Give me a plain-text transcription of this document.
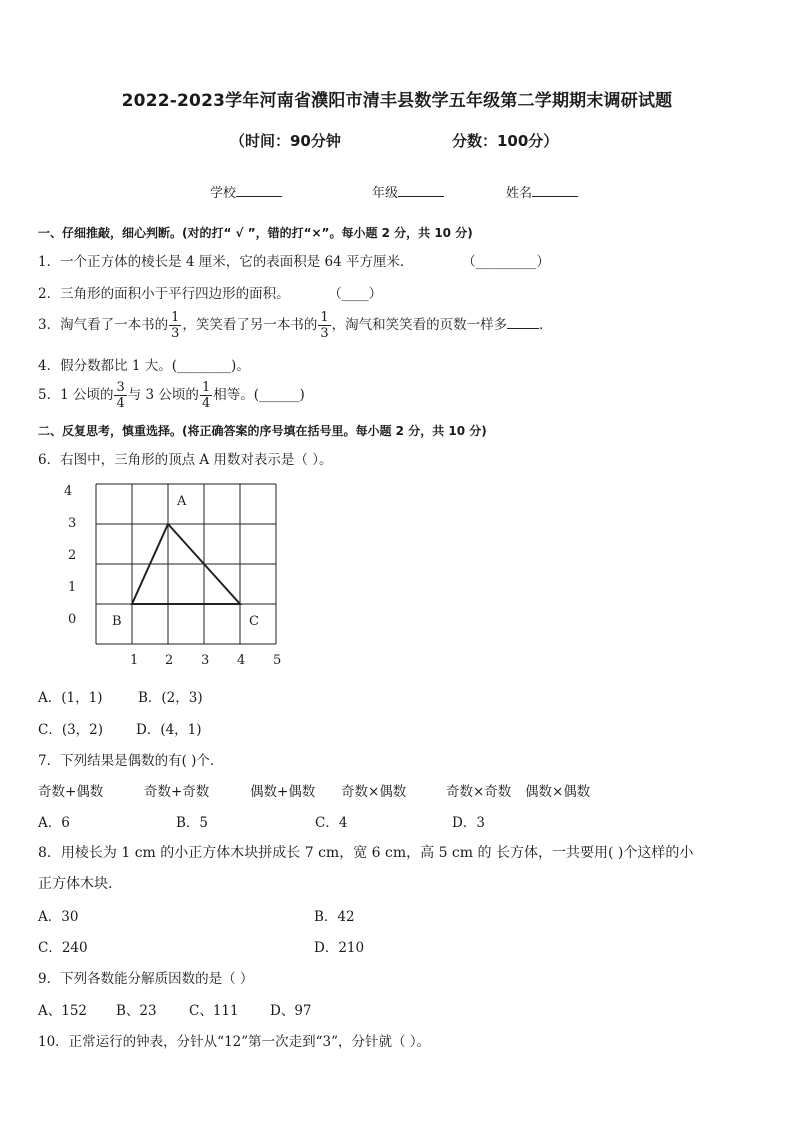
2022-2023学年河南省濮阳市清丰县数学五年级第二学期期末调研试题
（时间：90分钟	分数：100分）
学校	年级	姓名
一、仔细推敲，细心判断。(对的打“ √ ”，错的打“×”。每小题 2 分，共 10 分)
1．一个正方体的棱长是 4 厘米，它的表面积是 64 平方厘米．	（_________）
2．三角形的面积小于平行四边形的面积。	（____）
3．淘气看了一本书的 $\frac{1}{3}$ ，笑笑看了另一本书的 $\frac{1}{3}$ ，淘气和笑笑看的页数一样多 ．
4．假分数都比 1 大。(________)。
5．1 公顷的 $\frac{3}{4}$ 与 3 公顷的 $\frac{1}{4}$ 相等。(______)
二、反复思考，慎重选择。(将正确答案的序号填在括号里。每小题 2 分，共 10 分)
6．右图中，三角形的顶点 A 用数对表示是（ ）。
4
3
2
1
0
1 2 3 4 5
A
B	C
A．(1，1)	B．(2，3)
C．(3，2) D．(4，1)
7．下列结果是偶数的有( )个．
奇数+偶数	奇数+奇数	偶数+偶数 奇数×偶数	奇数×奇数 偶数×偶数
A．6	B．5	C．4	D．3
8．用棱长为 1 cm 的小正方体木块拼成长 7 cm，宽 6 cm，高 5 cm 的 长方体，一共要用( )个这样的小
正方体木块.
A．30	B．42
C．240	D．210
9．下列各数能分解质因数的是（ ）
A、152 B、23 C、111 D、97
10．正常运行的钟表，分针从“12”第一次走到“3”，分针就（ ）。
